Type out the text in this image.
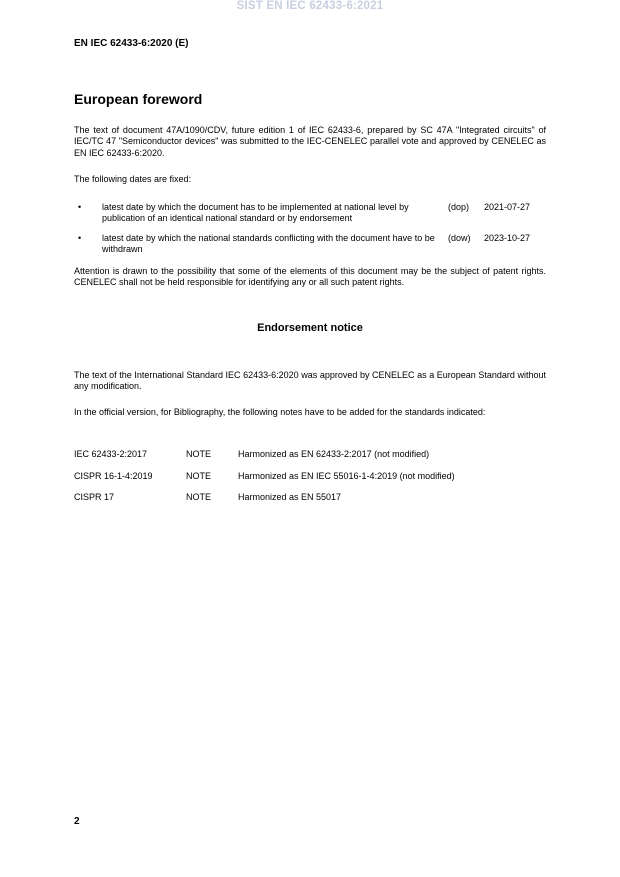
SIST EN IEC 62433-6:2021
EN IEC 62433-6:2020 (E)
European foreword
The text of document 47A/1090/CDV, future edition 1 of IEC 62433-6, prepared by SC 47A "Integrated circuits" of IEC/TC 47 "Semiconductor devices" was submitted to the IEC-CENELEC parallel vote and approved by CENELEC as EN IEC 62433-6:2020.
The following dates are fixed:
• latest date by which the document has to be implemented at national level by publication of an identical national standard or by endorsement
(dop) 2021-07-27
• latest date by which the national standards conflicting with the document have to be withdrawn
(dow) 2023-10-27
Attention is drawn to the possibility that some of the elements of this document may be the subject of patent rights. CENELEC shall not be held responsible for identifying any or all such patent rights.
Endorsement notice
The text of the International Standard IEC 62433-6:2020 was approved by CENELEC as a European Standard without any modification.
In the official version, for Bibliography, the following notes have to be added for the standards indicated:
IEC 62433-2:2017	NOTE	Harmonized as EN 62433-2:2017 (not modified)
CISPR 16-1-4:2019	NOTE	Harmonized as EN IEC 55016-1-4:2019 (not modified)
CISPR 17	NOTE	Harmonized as EN 55017
2
